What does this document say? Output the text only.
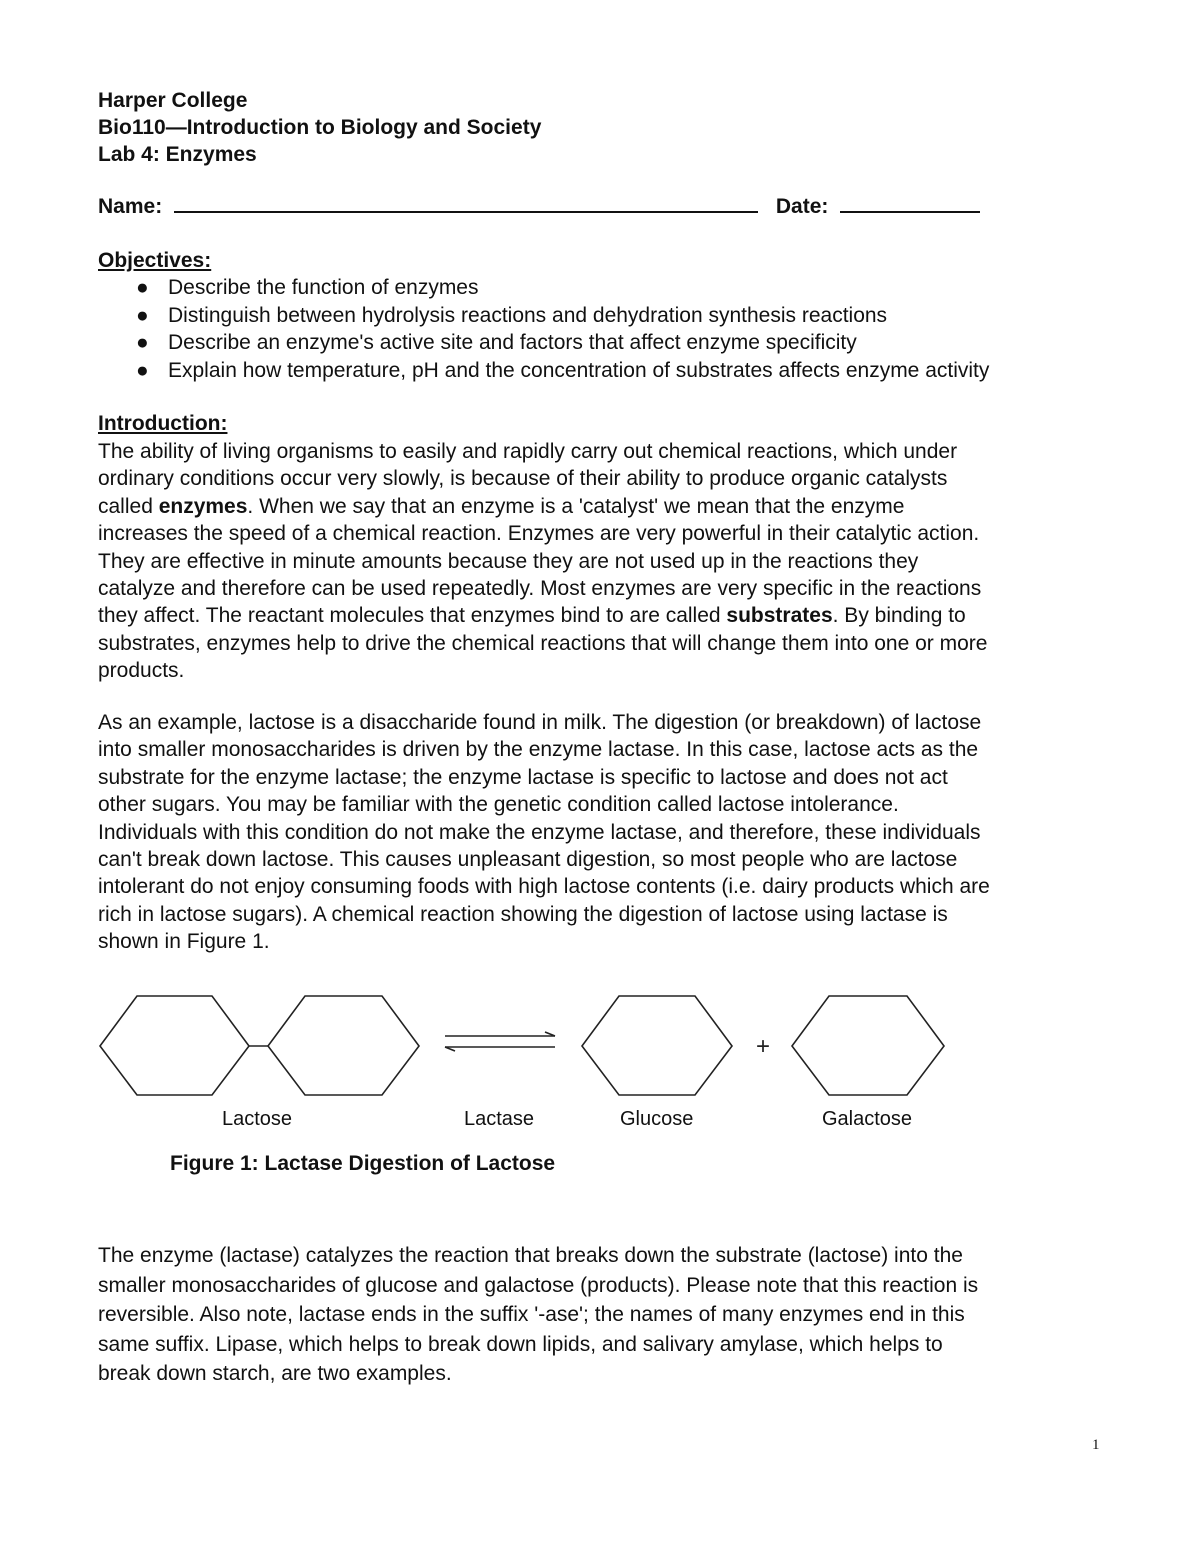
Harper College
Bio110—Introduction to Biology and Society
Lab 4: Enzymes
Name:	Date:
Objectives:
● Describe the function of enzymes
● Distinguish between hydrolysis reactions and dehydration synthesis reactions
● Describe an enzyme's active site and factors that affect enzyme specificity
● Explain how temperature, pH and the concentration of substrates affects enzyme activity
Introduction:

The ability of living organisms to easily and rapidly carry out chemical reactions, which under
ordinary conditions occur very slowly, is because of their ability to produce organic catalysts
called enzymes. When we say that an enzyme is a 'catalyst' we mean that the enzyme
increases the speed of a chemical reaction. Enzymes are very powerful in their catalytic action.
They are effective in minute amounts because they are not used up in the reactions they
catalyze and therefore can be used repeatedly. Most enzymes are very specific in the reactions
they affect. The reactant molecules that enzymes bind to are called substrates. By binding to
substrates, enzymes help to drive the chemical reactions that will change them into one or more
products.

As an example, lactose is a disaccharide found in milk. The digestion (or breakdown) of lactose
into smaller monosaccharides is driven by the enzyme lactase. In this case, lactose acts as the
substrate for the enzyme lactase; the enzyme lactase is specific to lactose and does not act
other sugars. You may be familiar with the genetic condition called lactose intolerance.
Individuals with this condition do not make the enzyme lactase, and therefore, these individuals
can't break down lactose. This causes unpleasant digestion, so most people who are lactose
intolerant do not enjoy consuming foods with high lactose contents (i.e. dairy products which are
rich in lactose sugars). A chemical reaction showing the digestion of lactose using lactase is
shown in Figure 1.

+
Lactose	Lactase	Glucose	Galactose
Figure 1: Lactase Digestion of Lactose

The enzyme (lactase) catalyzes the reaction that breaks down the substrate (lactose) into the
smaller monosaccharides of glucose and galactose (products). Please note that this reaction is
reversible. Also note, lactase ends in the suffix '-ase'; the names of many enzymes end in this
same suffix. Lipase, which helps to break down lipids, and salivary amylase, which helps to
break down starch, are two examples.

1
